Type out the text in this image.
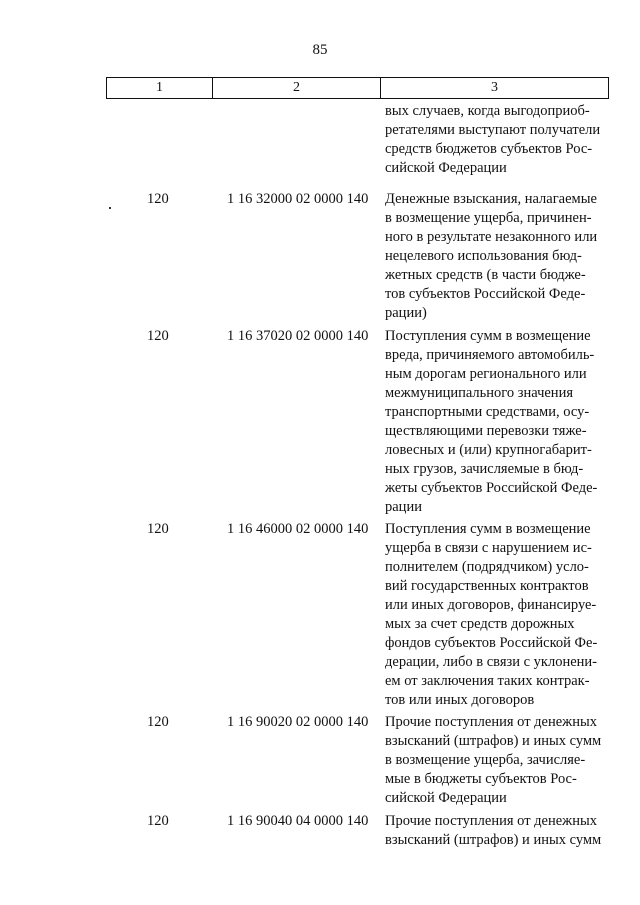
85
1	2	3
вых случаев, когда выгодоприоб-
ретателями выступают получатели
средств бюджетов субъектов Рос-
сийской Федерации
120	1 16 32000 02 0000 140 Денежные взыскания, налагаемые
в возмещение ущерба, причинен-
ного в результате незаконного или
нецелевого использования бюд-
жетных средств (в части бюдже-
тов субъектов Российской Феде-
рации)
120	1 16 37020 02 0000 140 Поступления сумм в возмещение
вреда, причиняемого автомобиль-
ным дорогам регионального или
межмуниципального значения
транспортными средствами, осу-
ществляющими перевозки тяже-
ловесных и (или) крупногабарит-
ных грузов, зачисляемые в бюд-
жеты субъектов Российской Феде-
рации
120	1 16 46000 02 0000 140 Поступления сумм в возмещение
ущерба в связи с нарушением ис-
полнителем (подрядчиком) усло-
вий государственных контрактов
или иных договоров, финансируе-
мых за счет средств дорожных
фондов субъектов Российской Фе-
дерации, либо в связи с уклонени-
ем от заключения таких контрак-
тов или иных договоров
120	1 16 90020 02 0000 140 Прочие поступления от денежных
взысканий (штрафов) и иных сумм
в возмещение ущерба, зачисляе-
мые в бюджеты субъектов Рос-
сийской Федерации
120	1 16 90040 04 0000 140 Прочие поступления от денежных
взысканий (штрафов) и иных сумм
